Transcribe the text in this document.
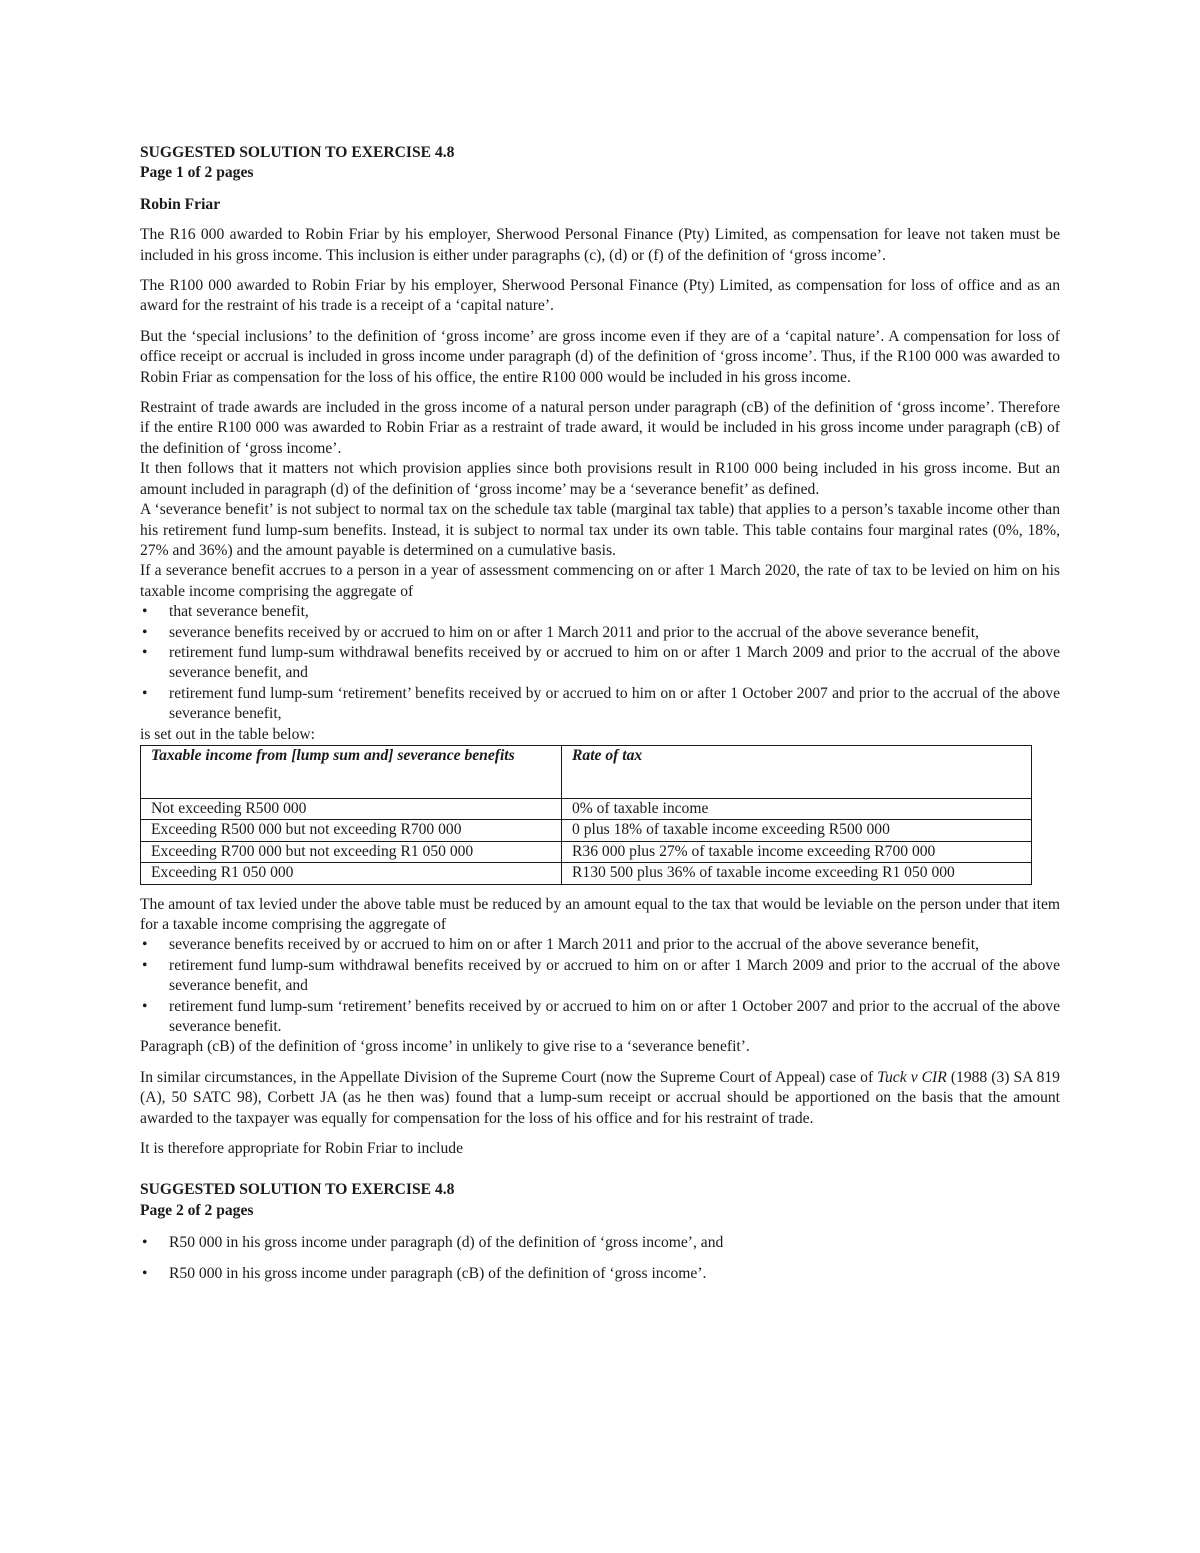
SUGGESTED SOLUTION TO EXERCISE 4.8

Page 1 of 2 pages

Robin Friar

The R16 000 awarded to Robin Friar by his employer, Sherwood Personal Finance (Pty) Limited, as compensation for leave not taken must be included in his gross income. This inclusion is either under paragraphs (c), (d) or (f) of the definition of ‘gross income’.

The R100 000 awarded to Robin Friar by his employer, Sherwood Personal Finance (Pty) Limited, as compensation for loss of office and as an award for the restraint of his trade is a receipt of a ‘capital nature’.

But the ‘special inclusions’ to the definition of ‘gross income’ are gross income even if they are of a ‘capital nature’. A compensation for loss of office receipt or accrual is included in gross income under paragraph (d) of the definition of ‘gross income’. Thus, if the R100 000 was awarded to Robin Friar as compensation for the loss of his office, the entire R100 000 would be included in his gross income.

Restraint of trade awards are included in the gross income of a natural person under paragraph (cB) of the definition of ‘gross income’. Therefore if the entire R100 000 was awarded to Robin Friar as a restraint of trade award, it would be included in his gross income under paragraph (cB) of the definition of ‘gross income’.

It then follows that it matters not which provision applies since both provisions result in R100 000 being included in his gross income. But an amount included in paragraph (d) of the definition of ‘gross income’ may be a ‘severance benefit’ as defined.

A ‘severance benefit’ is not subject to normal tax on the schedule tax table (marginal tax table) that applies to a person’s taxable income other than his retirement fund lump-sum benefits. Instead, it is subject to normal tax under its own table. This table contains four marginal rates (0%, 18%, 27% and 36%) and the amount payable is determined on a cumulative basis.

If a severance benefit accrues to a person in a year of assessment commencing on or after 1 March 2020, the rate of tax to be levied on him on his taxable income comprising the aggregate of

• that severance benefit,
• severance benefits received by or accrued to him on or after 1 March 2011 and prior to the accrual of the above severance benefit,
• retirement fund lump-sum withdrawal benefits received by or accrued to him on or after 1 March 2009 and prior to the accrual of the above severance benefit, and
• retirement fund lump-sum ‘retirement’ benefits received by or accrued to him on or after 1 October 2007 and prior to the accrual of the above severance benefit,

is set out in the table below:

Taxable income from [lump sum and] severance benefits	Rate of tax
Not exceeding R500 000	0% of taxable income
Exceeding R500 000 but not exceeding R700 000	0 plus 18% of taxable income exceeding R500 000
Exceeding R700 000 but not exceeding R1 050 000	R36 000 plus 27% of taxable income exceeding R700 000
Exceeding R1 050 000	R130 500 plus 36% of taxable income exceeding R1 050 000

The amount of tax levied under the above table must be reduced by an amount equal to the tax that would be leviable on the person under that item for a taxable income comprising the aggregate of

• severance benefits received by or accrued to him on or after 1 March 2011 and prior to the accrual of the above severance benefit,
• retirement fund lump-sum withdrawal benefits received by or accrued to him on or after 1 March 2009 and prior to the accrual of the above severance benefit, and
• retirement fund lump-sum ‘retirement’ benefits received by or accrued to him on or after 1 October 2007 and prior to the accrual of the above severance benefit.

Paragraph (cB) of the definition of ‘gross income’ in unlikely to give rise to a ‘severance benefit’.

In similar circumstances, in the Appellate Division of the Supreme Court (now the Supreme Court of Appeal) case of Tuck v CIR (1988 (3) SA 819 (A), 50 SATC 98), Corbett JA (as he then was) found that a lump-sum receipt or accrual should be apportioned on the basis that the amount awarded to the taxpayer was equally for compensation for the loss of his office and for his restraint of trade.

It is therefore appropriate for Robin Friar to include

SUGGESTED SOLUTION TO EXERCISE 4.8

Page 2 of 2 pages

• R50 000 in his gross income under paragraph (d) of the definition of ‘gross income’, and
• R50 000 in his gross income under paragraph (cB) of the definition of ‘gross income’.
